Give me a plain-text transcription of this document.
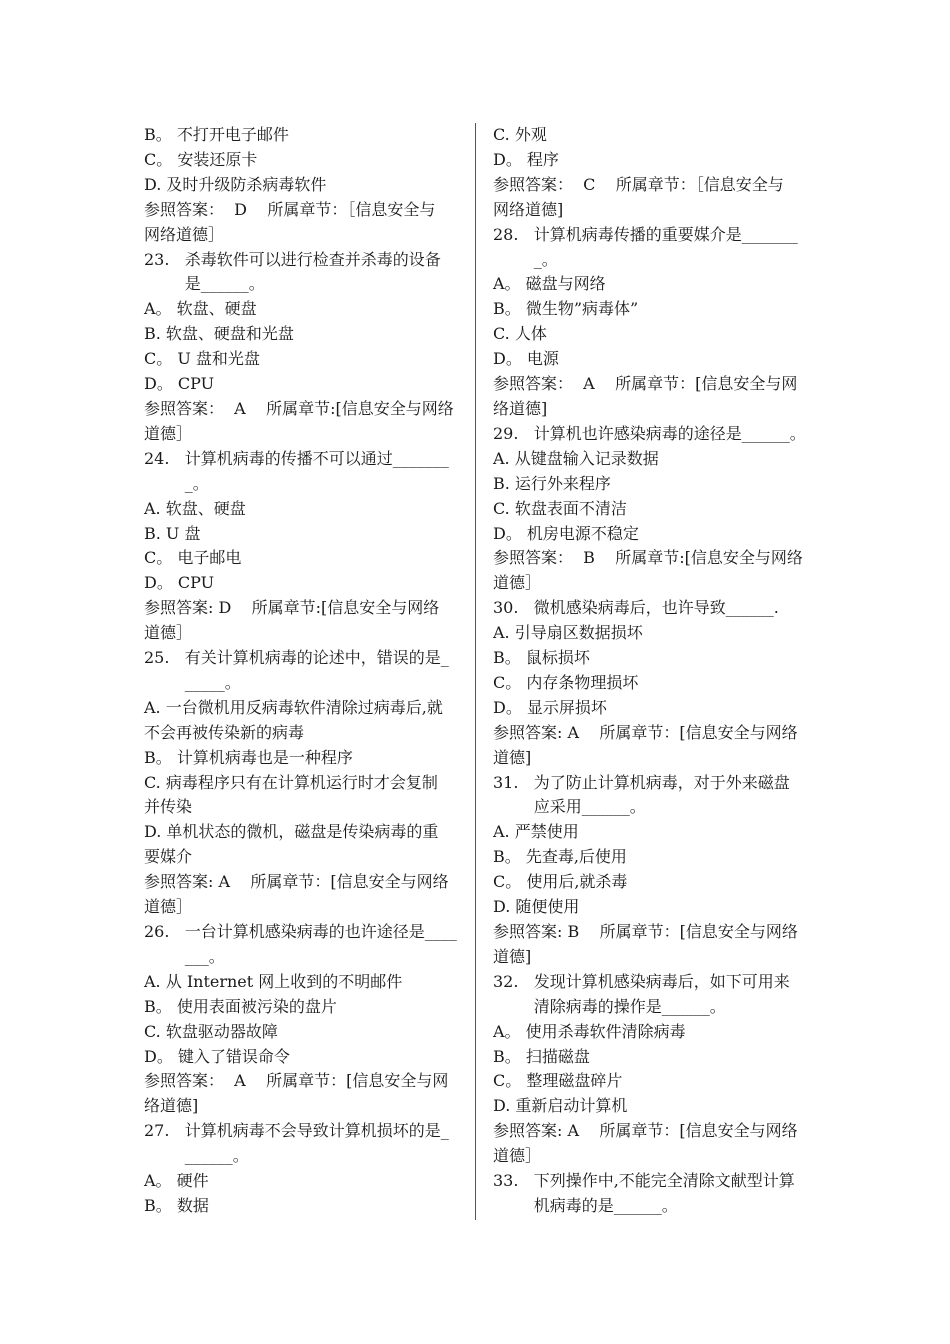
B。 不打开电子邮件
C。 安装还原卡
D. 及时升级防杀病毒软件
参照答案：  D    所属章节：［信息安全与
网络道德］
23.   杀毒软件可以进行检查并杀毒的设备
是______。
A。 软盘、硬盘
B. 软盘、硬盘和光盘
C。 U 盘和光盘
D。 CPU
参照答案：  A    所属章节:[信息安全与网络
道德］
24.   计算机病毒的传播不可以通过_______
_。
A. 软盘、硬盘
B. U 盘
C。 电子邮电
D。 CPU
参照答案: D    所属章节:[信息安全与网络
道德］
25.   有关计算机病毒的论述中，错误的是_
_____。
A. 一台微机用反病毒软件清除过病毒后,就
不会再被传染新的病毒
B。 计算机病毒也是一种程序
C. 病毒程序只有在计算机运行时才会复制
并传染
D. 单机状态的微机，磁盘是传染病毒的重
要媒介
参照答案: A    所属章节：[信息安全与网络
道德］
26.   一台计算机感染病毒的也许途径是____
___。
A. 从 Internet 网上收到的不明邮件
B。 使用表面被污染的盘片
C. 软盘驱动器故障
D。 键入了错误命令
参照答案：  A    所属章节：[信息安全与网
络道德]
27.   计算机病毒不会导致计算机损坏的是_
______。
A。 硬件
B。 数据
C. 外观
D。 程序
参照答案：  C    所属章节：［信息安全与
网络道德]
28.   计算机病毒传播的重要媒介是_______
_。
A。 磁盘与网络
B。 微生物”病毒体”
C. 人体
D。 电源
参照答案：  A    所属章节：[信息安全与网
络道德]
29.   计算机也许感染病毒的途径是______。
A. 从键盘输入记录数据
B. 运行外来程序
C. 软盘表面不清洁
D。 机房电源不稳定
参照答案：  B    所属章节:[信息安全与网络
道德］
30.   微机感染病毒后，也许导致______.
A. 引导扇区数据损坏
B。 鼠标损坏
C。 内存条物理损坏
D。 显示屏损坏
参照答案: A    所属章节：[信息安全与网络
道德]
31.   为了防止计算机病毒，对于外来磁盘
应采用______。
A. 严禁使用
B。 先查毒,后使用
C。 使用后,就杀毒
D. 随便使用
参照答案: B    所属章节：[信息安全与网络
道德]
32.   发现计算机感染病毒后，如下可用来
清除病毒的操作是______。
A。 使用杀毒软件清除病毒
B。 扫描磁盘
C。 整理磁盘碎片
D. 重新启动计算机
参照答案: A    所属章节：[信息安全与网络
道德］
33.   下列操作中,不能完全清除文献型计算
机病毒的是______。
